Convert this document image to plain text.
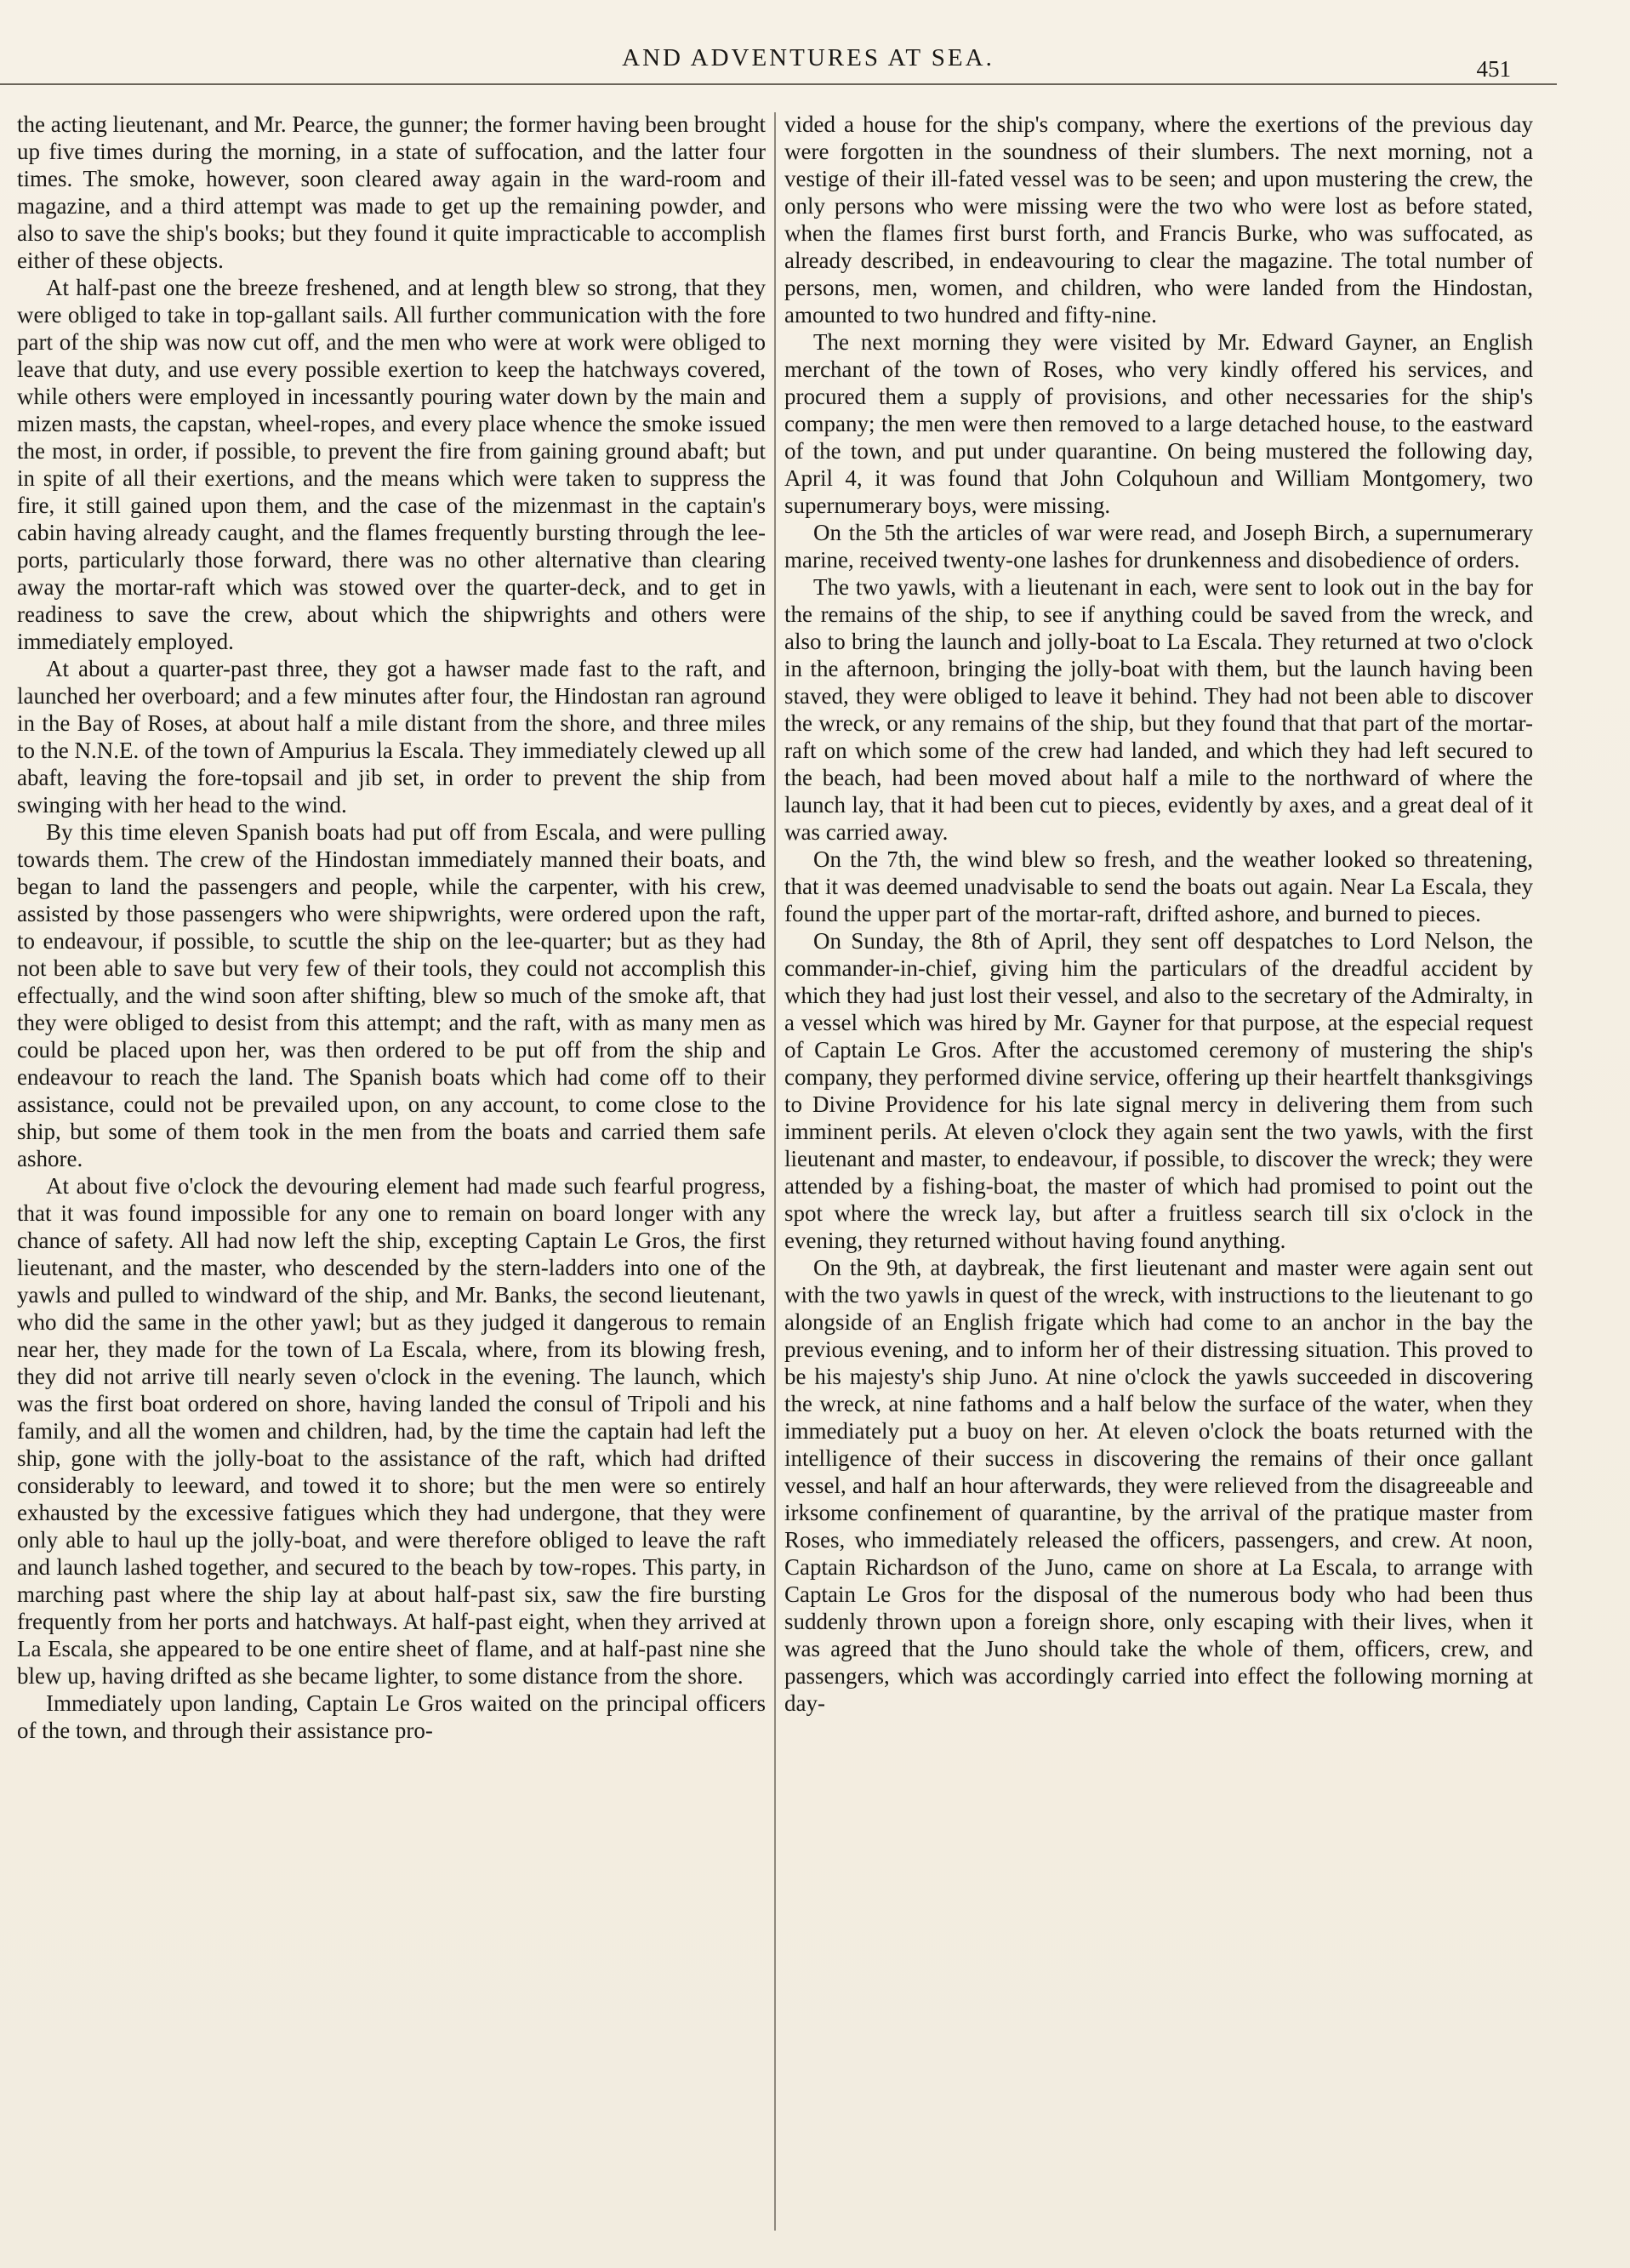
AND ADVENTURES AT SEA.	451

the acting lieutenant, and Mr. Pearce, the gunner; the former having been brought up five times during the morning, in a state of suffocation, and the latter four times. The smoke, however, soon cleared away again in the ward-room and magazine, and a third attempt was made to get up the remaining powder, and also to save the ship's books; but they found it quite impracticable to accomplish either of these objects.

At half-past one the breeze freshened, and at length blew so strong, that they were obliged to take in top-gallant sails. All further communication with the fore part of the ship was now cut off, and the men who were at work were obliged to leave that duty, and use every possible exertion to keep the hatchways covered, while others were employed in incessantly pouring water down by the main and mizen masts, the capstan, wheel-ropes, and every place whence the smoke issued the most, in order, if possible, to prevent the fire from gaining ground abaft; but in spite of all their exertions, and the means which were taken to suppress the fire, it still gained upon them, and the case of the mizenmast in the captain's cabin having already caught, and the flames frequently bursting through the lee-ports, particularly those forward, there was no other alternative than clearing away the mortar-raft which was stowed over the quarter-deck, and to get in readiness to save the crew, about which the shipwrights and others were immediately employed.

At about a quarter-past three, they got a hawser made fast to the raft, and launched her overboard; and a few minutes after four, the Hindostan ran aground in the Bay of Roses, at about half a mile distant from the shore, and three miles to the N.N.E. of the town of Ampurius la Escala. They immediately clewed up all abaft, leaving the fore-topsail and jib set, in order to prevent the ship from swinging with her head to the wind.

By this time eleven Spanish boats had put off from Escala, and were pulling towards them. The crew of the Hindostan immediately manned their boats, and began to land the passengers and people, while the carpenter, with his crew, assisted by those passengers who were shipwrights, were ordered upon the raft, to endeavour, if possible, to scuttle the ship on the lee-quarter; but as they had not been able to save but very few of their tools, they could not accomplish this effectually, and the wind soon after shifting, blew so much of the smoke aft, that they were obliged to desist from this attempt; and the raft, with as many men as could be placed upon her, was then ordered to be put off from the ship and endeavour to reach the land. The Spanish boats which had come off to their assistance, could not be prevailed upon, on any account, to come close to the ship, but some of them took in the men from the boats and carried them safe ashore.

At about five o'clock the devouring element had made such fearful progress, that it was found impossible for any one to remain on board longer with any chance of safety. All had now left the ship, excepting Captain Le Gros, the first lieutenant, and the master, who descended by the stern-ladders into one of the yawls and pulled to windward of the ship, and Mr. Banks, the second lieutenant, who did the same in the other yawl; but as they judged it dangerous to remain near her, they made for the town of La Escala, where, from its blowing fresh, they did not arrive till nearly seven o'clock in the evening. The launch, which was the first boat ordered on shore, having landed the consul of Tripoli and his family, and all the women and children, had, by the time the captain had left the ship, gone with the jolly-boat to the assistance of the raft, which had drifted considerably to leeward, and towed it to shore; but the men were so entirely exhausted by the excessive fatigues which they had undergone, that they were only able to haul up the jolly-boat, and were therefore obliged to leave the raft and launch lashed together, and secured to the beach by tow-ropes. This party, in marching past where the ship lay at about half-past six, saw the fire bursting frequently from her ports and hatchways. At half-past eight, when they arrived at La Escala, she appeared to be one entire sheet of flame, and at half-past nine she blew up, having drifted as she became lighter, to some distance from the shore.

Immediately upon landing, Captain Le Gros waited on the principal officers of the town, and through their assistance pro-

vided a house for the ship's company, where the exertions of the previous day were forgotten in the soundness of their slumbers. The next morning, not a vestige of their ill-fated vessel was to be seen; and upon mustering the crew, the only persons who were missing were the two who were lost as before stated, when the flames first burst forth, and Francis Burke, who was suffocated, as already described, in endeavouring to clear the magazine. The total number of persons, men, women, and children, who were landed from the Hindostan, amounted to two hundred and fifty-nine.

The next morning they were visited by Mr. Edward Gayner, an English merchant of the town of Roses, who very kindly offered his services, and procured them a supply of provisions, and other necessaries for the ship's company; the men were then removed to a large detached house, to the eastward of the town, and put under quarantine. On being mustered the following day, April 4, it was found that John Colquhoun and William Montgomery, two supernumerary boys, were missing.

On the 5th the articles of war were read, and Joseph Birch, a supernumerary marine, received twenty-one lashes for drunkenness and disobedience of orders.

The two yawls, with a lieutenant in each, were sent to look out in the bay for the remains of the ship, to see if anything could be saved from the wreck, and also to bring the launch and jolly-boat to La Escala. They returned at two o'clock in the afternoon, bringing the jolly-boat with them, but the launch having been staved, they were obliged to leave it behind. They had not been able to discover the wreck, or any remains of the ship, but they found that that part of the mortar-raft on which some of the crew had landed, and which they had left secured to the beach, had been moved about half a mile to the northward of where the launch lay, that it had been cut to pieces, evidently by axes, and a great deal of it was carried away.

On the 7th, the wind blew so fresh, and the weather looked so threatening, that it was deemed unadvisable to send the boats out again. Near La Escala, they found the upper part of the mortar-raft, drifted ashore, and burned to pieces.

On Sunday, the 8th of April, they sent off despatches to Lord Nelson, the commander-in-chief, giving him the particulars of the dreadful accident by which they had just lost their vessel, and also to the secretary of the Admiralty, in a vessel which was hired by Mr. Gayner for that purpose, at the especial request of Captain Le Gros. After the accustomed ceremony of mustering the ship's company, they performed divine service, offering up their heartfelt thanksgivings to Divine Providence for his late signal mercy in delivering them from such imminent perils. At eleven o'clock they again sent the two yawls, with the first lieutenant and master, to endeavour, if possible, to discover the wreck; they were attended by a fishing-boat, the master of which had promised to point out the spot where the wreck lay, but after a fruitless search till six o'clock in the evening, they returned without having found anything.

On the 9th, at daybreak, the first lieutenant and master were again sent out with the two yawls in quest of the wreck, with instructions to the lieutenant to go alongside of an English frigate which had come to an anchor in the bay the previous evening, and to inform her of their distressing situation. This proved to be his majesty's ship Juno. At nine o'clock the yawls succeeded in discovering the wreck, at nine fathoms and a half below the surface of the water, when they immediately put a buoy on her. At eleven o'clock the boats returned with the intelligence of their success in discovering the remains of their once gallant vessel, and half an hour afterwards, they were relieved from the disagreeable and irksome confinement of quarantine, by the arrival of the pratique master from Roses, who immediately released the officers, passengers, and crew. At noon, Captain Richardson of the Juno, came on shore at La Escala, to arrange with Captain Le Gros for the disposal of the numerous body who had been thus suddenly thrown upon a foreign shore, only escaping with their lives, when it was agreed that the Juno should take the whole of them, officers, crew, and passengers, which was accordingly carried into effect the following morning at day-
